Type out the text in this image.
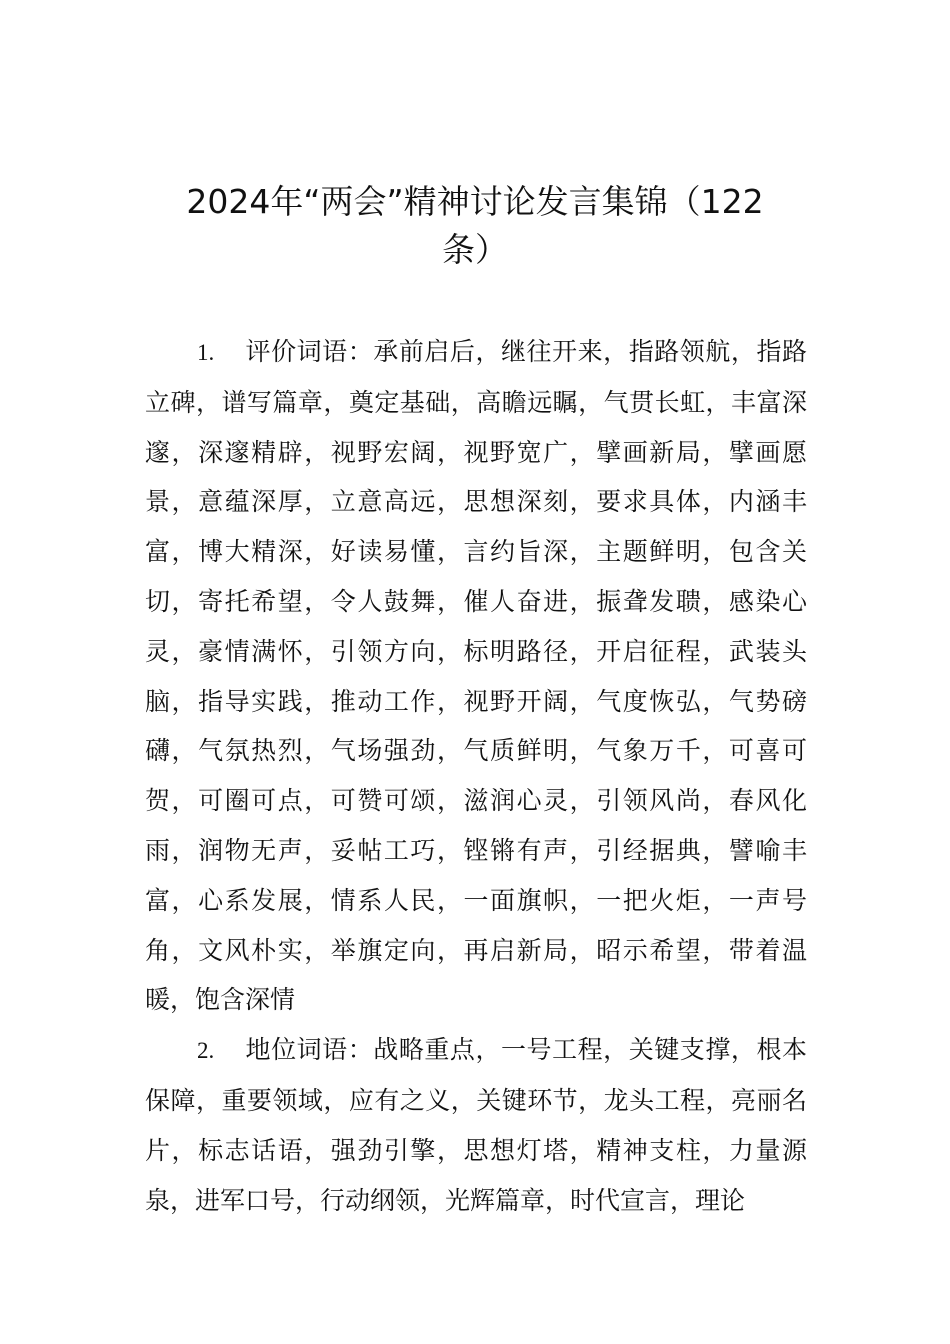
2024年“两会”精神讨论发言集锦（122
条）

1. 评价词语：承前启后，继往开来，指路领航，指路立碑，谱写篇章，奠定基础，高瞻远瞩，气贯长虹，丰富深邃，深邃精辟，视野宏阔，视野宽广，擘画新局，擘画愿景，意蕴深厚，立意高远，思想深刻，要求具体，内涵丰富，博大精深，好读易懂，言约旨深，主题鲜明，包含关切，寄托希望，令人鼓舞，催人奋进，振聋发聩，感染心灵，豪情满怀，引领方向，标明路径，开启征程，武装头脑，指导实践，推动工作，视野开阔，气度恢弘，气势磅礴，气氛热烈，气场强劲，气质鲜明，气象万千，可喜可贺，可圈可点，可赞可颂，滋润心灵，引领风尚，春风化雨，润物无声，妥帖工巧，铿锵有声，引经据典，譬喻丰富，心系发展，情系人民，一面旗帜，一把火炬，一声号角，文风朴实，举旗定向，再启新局，昭示希望，带着温暖，饱含深情

2. 地位词语：战略重点，一号工程，关键支撑，根本保障，重要领域，应有之义，关键环节，龙头工程，亮丽名片，标志话语，强劲引擎，思想灯塔，精神支柱，力量源泉，进军口号，行动纲领，光辉篇章，时代宣言，理论
